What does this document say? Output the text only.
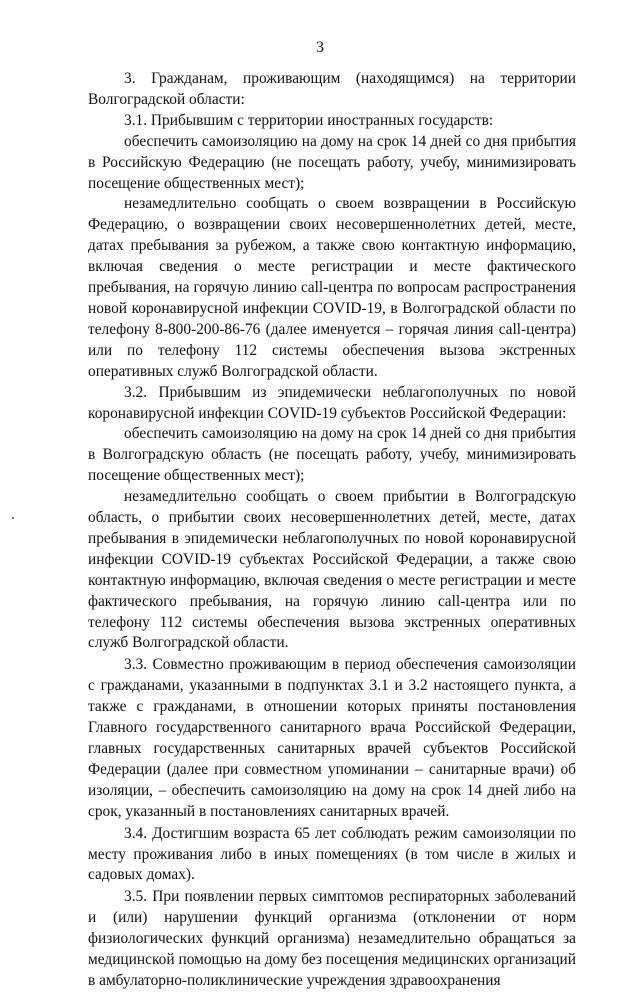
3

3. Гражданам, проживающим (находящимся) на территории Волгоградской области:

3.1. Прибывшим с территории иностранных государств:

обеспечить самоизоляцию на дому на срок 14 дней со дня прибытия в Российскую Федерацию (не посещать работу, учебу, минимизировать посещение общественных мест);

незамедлительно сообщать о своем возвращении в Российскую Федерацию, о возвращении своих несовершеннолетних детей, месте, датах пребывания за рубежом, а также свою контактную информацию, включая сведения о месте регистрации и месте фактического пребывания, на горячую линию call-центра по вопросам распространения новой коронавирусной инфекции COVID-19, в Волгоградской области по телефону 8-800-200-86-76 (далее именуется – горячая линия call-центра) или по телефону 112 системы обеспечения вызова экстренных оперативных служб Волгоградской области.

3.2. Прибывшим из эпидемически неблагополучных по новой коронавирусной инфекции COVID-19 субъектов Российской Федерации:

обеспечить самоизоляцию на дому на срок 14 дней со дня прибытия в Волгоградскую область (не посещать работу, учебу, минимизировать посещение общественных мест);

незамедлительно сообщать о своем прибытии в Волгоградскую область, о прибытии своих несовершеннолетних детей, месте, датах пребывания в эпидемически неблагополучных по новой коронавирусной инфекции COVID-19 субъектах Российской Федерации, а также свою контактную информацию, включая сведения о месте регистрации и месте фактического пребывания, на горячую линию call-центра или по телефону 112 системы обеспечения вызова экстренных оперативных служб Волгоградской области.

3.3. Совместно проживающим в период обеспечения самоизоляции с гражданами, указанными в подпунктах 3.1 и 3.2 настоящего пункта, а также с гражданами, в отношении которых приняты постановления Главного государственного санитарного врача Российской Федерации, главных государственных санитарных врачей субъектов Российской Федерации (далее при совместном упоминании – санитарные врачи) об изоляции, – обеспечить самоизоляцию на дому на срок 14 дней либо на срок, указанный в постановлениях санитарных врачей.

3.4. Достигшим возраста 65 лет соблюдать режим самоизоляции по месту проживания либо в иных помещениях (в том числе в жилых и садовых домах).

3.5. При появлении первых симптомов респираторных заболеваний и (или) нарушении функций организма (отклонении от норм физиологических функций организма) незамедлительно обращаться за медицинской помощью на дому без посещения медицинских организаций в амбулаторно-поликлинические учреждения здравоохранения
